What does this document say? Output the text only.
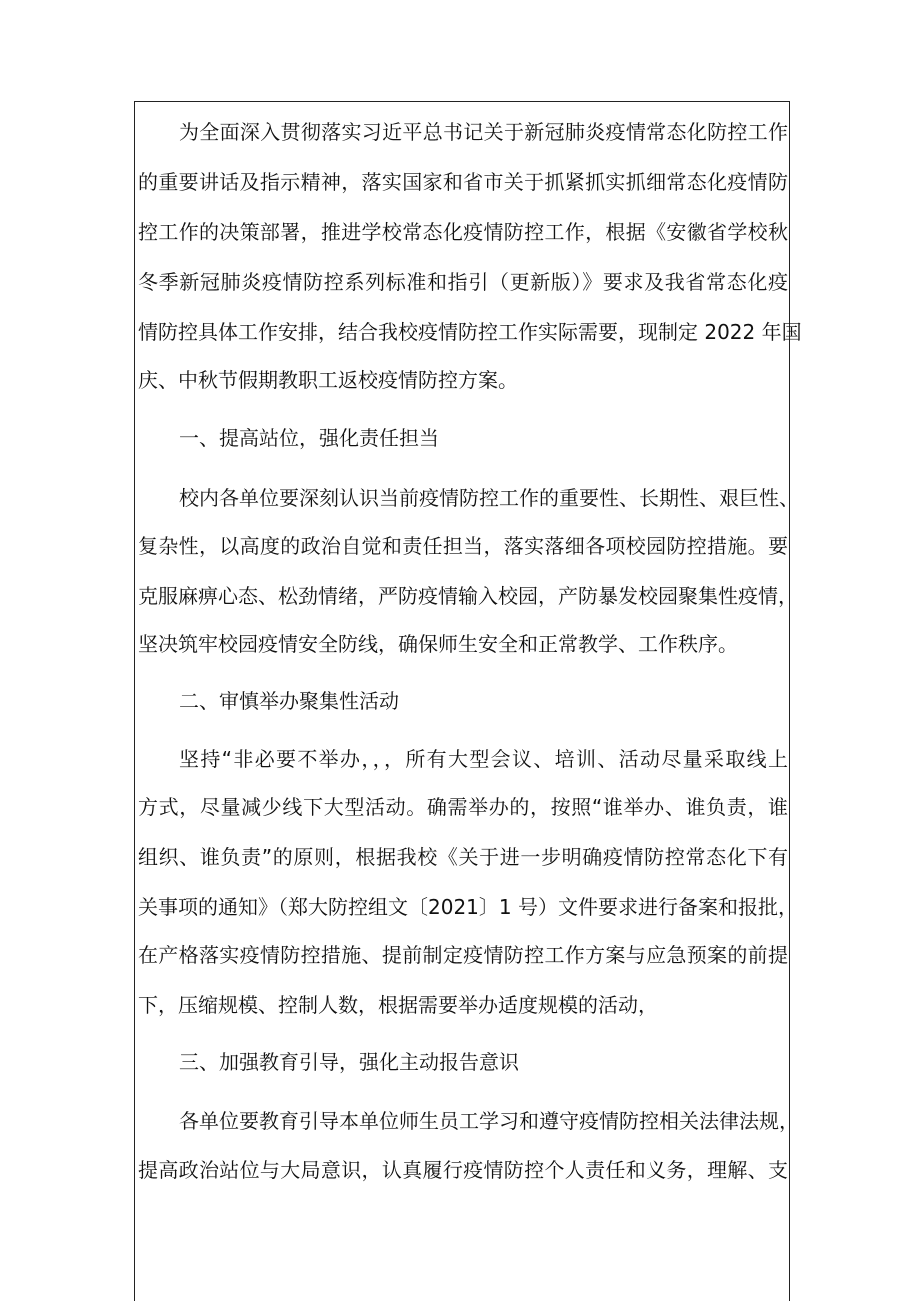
为全面深入贯彻落实习近平总书记关于新冠肺炎疫情常态化防控工作
的重要讲话及指示精神，落实国家和省市关于抓紧抓实抓细常态化疫情防
控工作的决策部署，推进学校常态化疫情防控工作，根据《安徽省学校秋
冬季新冠肺炎疫情防控系列标准和指引（更新版）》要求及我省常态化疫
情防控具体工作安排，结合我校疫情防控工作实际需要，现制定 2022 年国
庆、中秋节假期教职工返校疫情防控方案。
一、提高站位，强化责任担当
校内各单位要深刻认识当前疫情防控工作的重要性、长期性、艰巨性、
复杂性，以高度的政治自觉和责任担当，落实落细各项校园防控措施。要
克服麻痹心态、松劲情绪，严防疫情输入校园，产防暴发校园聚集性疫情，
坚决筑牢校园疫情安全防线，确保师生安全和正常教学、工作秩序。
二、审慎举办聚集性活动
坚持“非必要不举办，，，所有大型会议、培训、活动尽量采取线上
方式，尽量减少线下大型活动。确需举办的，按照“谁举办、谁负责，谁
组织、谁负责”的原则，根据我校《关于进一步明确疫情防控常态化下有
关事项的通知》（郑大防控组文〔2021〕1 号）文件要求进行备案和报批，
在产格落实疫情防控措施、提前制定疫情防控工作方案与应急预案的前提
下，压缩规模、控制人数，根据需要举办适度规模的活动，
三、加强教育引导，强化主动报告意识
各单位要教育引导本单位师生员工学习和遵守疫情防控相关法律法规，
提高政治站位与大局意识，认真履行疫情防控个人责任和义务，理解、支
